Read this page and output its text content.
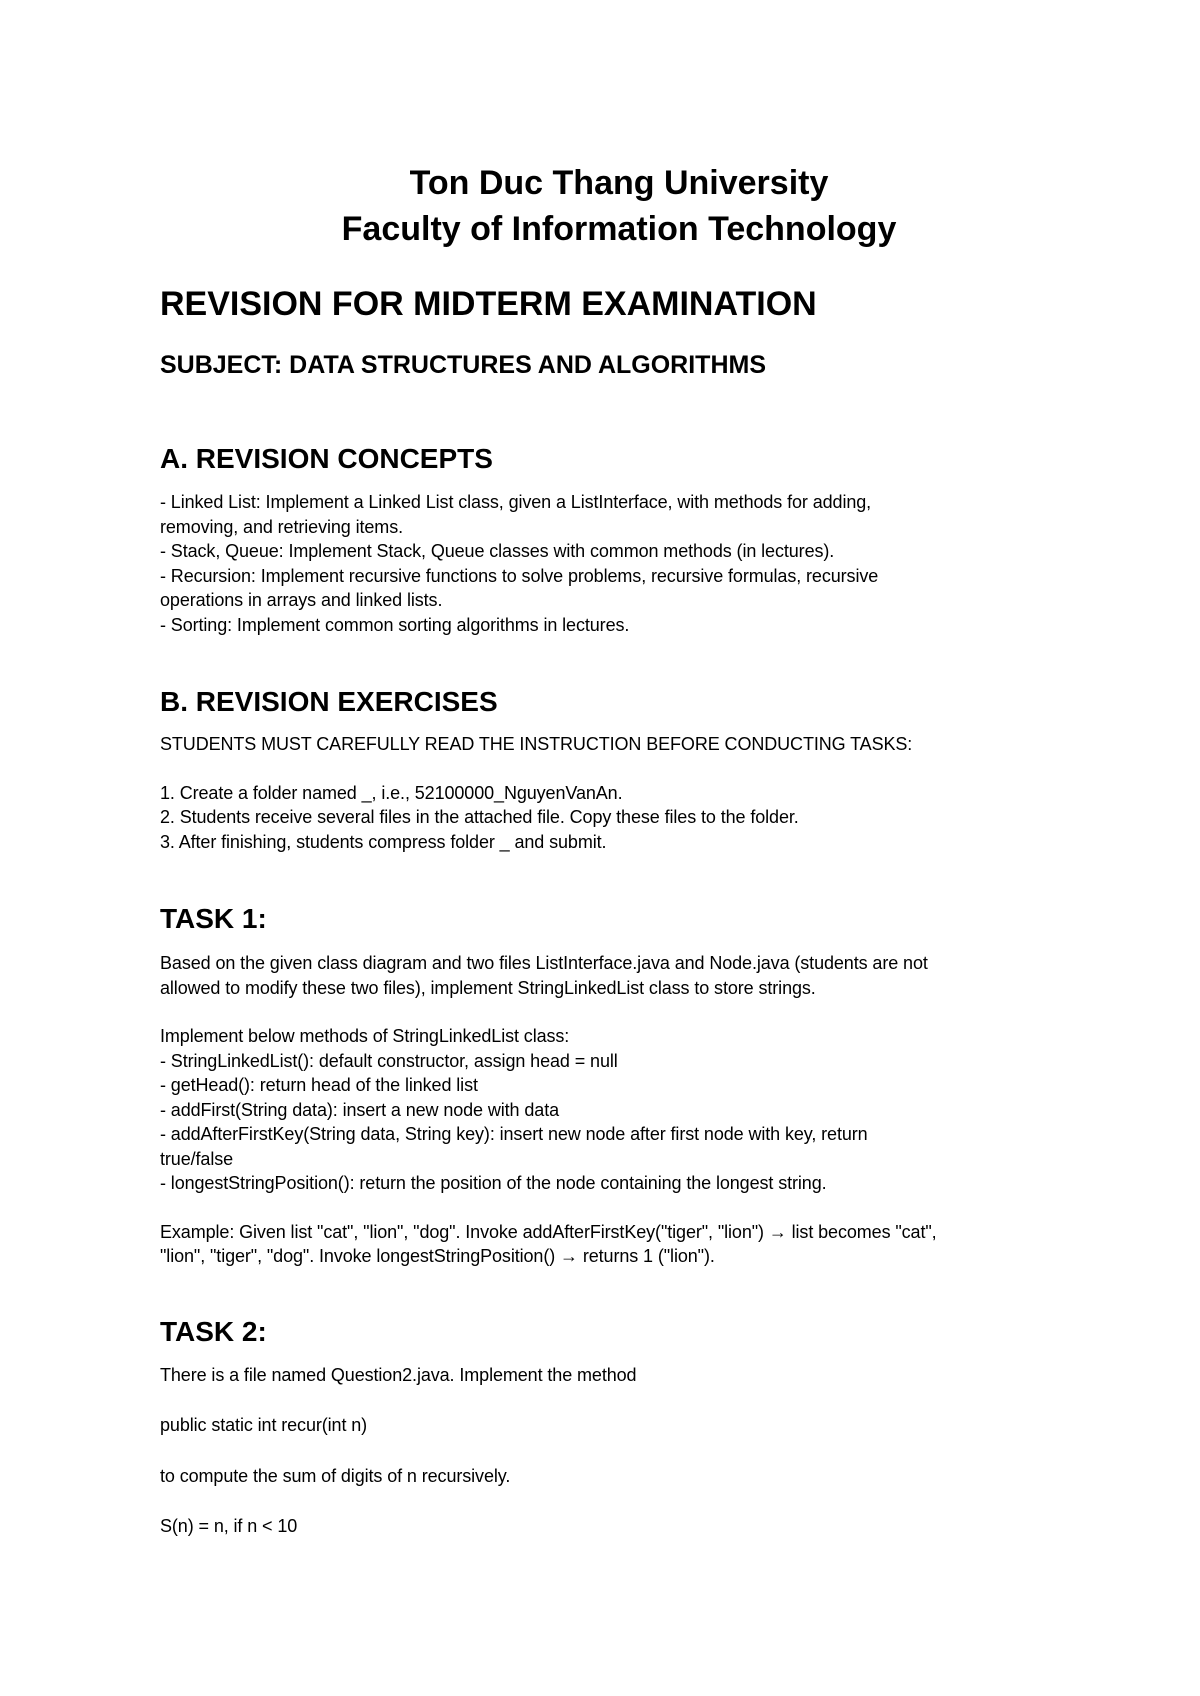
Ton Duc Thang University

Faculty of Information Technology

REVISION FOR MIDTERM EXAMINATION

SUBJECT: DATA STRUCTURES AND ALGORITHMS

A. REVISION CONCEPTS

- Linked List: Implement a Linked List class, given a ListInterface, with methods for adding,

removing, and retrieving items.

- Stack, Queue: Implement Stack, Queue classes with common methods (in lectures).

- Recursion: Implement recursive functions to solve problems, recursive formulas, recursive

operations in arrays and linked lists.

- Sorting: Implement common sorting algorithms in lectures.

B. REVISION EXERCISES

STUDENTS MUST CAREFULLY READ THE INSTRUCTION BEFORE CONDUCTING TASKS:

1. Create a folder named _, i.e., 52100000_NguyenVanAn.

2. Students receive several files in the attached file. Copy these files to the folder.

3. After finishing, students compress folder _ and submit.

TASK 1:

Based on the given class diagram and two files ListInterface.java and Node.java (students are not

allowed to modify these two files), implement StringLinkedList class to store strings.

Implement below methods of StringLinkedList class:

- StringLinkedList(): default constructor, assign head = null

- getHead(): return head of the linked list

- addFirst(String data): insert a new node with data

- addAfterFirstKey(String data, String key): insert new node after first node with key, return

true/false

- longestStringPosition(): return the position of the node containing the longest string.

Example: Given list "cat", "lion", "dog". Invoke addAfterFirstKey("tiger", "lion") → list becomes "cat",

"lion", "tiger", "dog". Invoke longestStringPosition() → returns 1 ("lion").

TASK 2:

There is a file named Question2.java. Implement the method

public static int recur(int n)

to compute the sum of digits of n recursively.

S(n) = n, if n < 10
